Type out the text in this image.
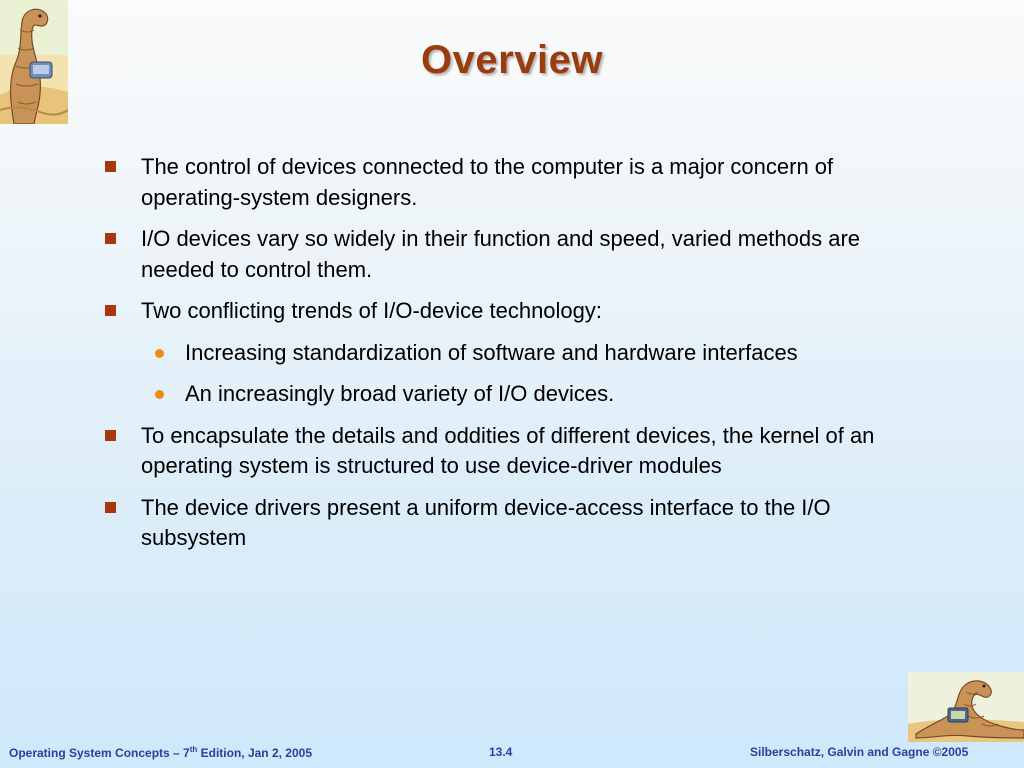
Overview
The control of devices connected to the computer is a major concern of operating-system designers.
I/O devices vary so widely in their function and speed, varied methods are needed to control them.
Two conflicting trends of I/O-device technology:
Increasing standardization of software and hardware interfaces
An increasingly broad variety of I/O devices.
To encapsulate the details and oddities of different devices, the kernel of an operating system is structured to use device-driver modules
The device drivers present a uniform device-access interface to the I/O subsystem
Operating System Concepts – 7th Edition, Jan 2, 2005	13.4	Silberschatz, Galvin and Gagne ©2005
